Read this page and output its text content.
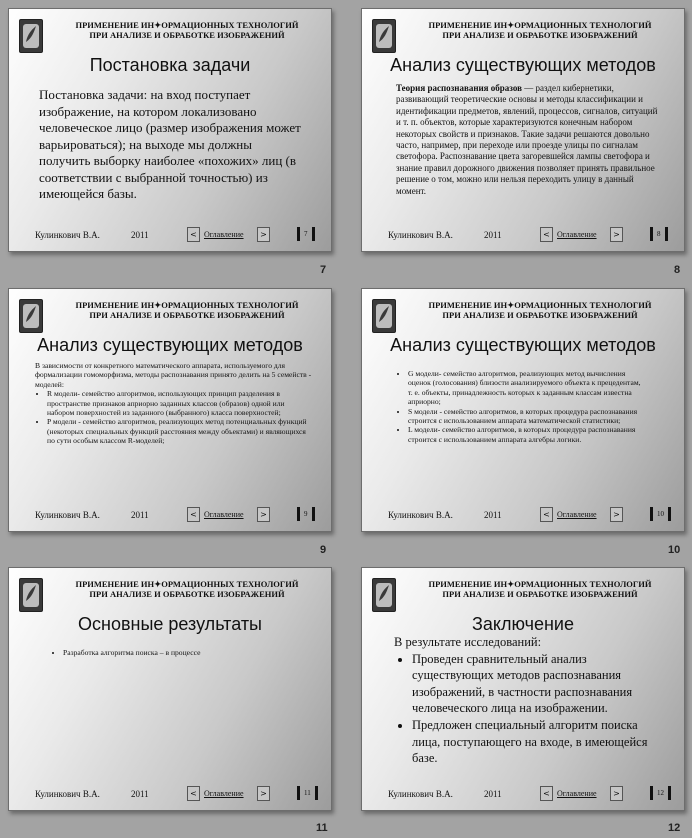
ПРИМЕНЕНИЕ ИН✦ОРМАЦИОННЫХ ТЕХНОЛОГИЙ
ПРИ АНАЛИЗЕ И ОБРАБОТКЕ ИЗОБРАЖЕНИЙ
Постановка задачи

Постановка задачи: на вход поступает изображение, на котором локализовано человеческое лицо (размер изображения может варьироваться); на выходе мы должны получить выборку наиболее «похожих» лиц (в соответствии с выбранной точностью) из имеющейся базы.

Кулинкович В.А.	2011	< Оглавление	>	7
7
ПРИМЕНЕНИЕ ИН✦ОРМАЦИОННЫХ ТЕХНОЛОГИЙ
ПРИ АНАЛИЗЕ И ОБРАБОТКЕ ИЗОБРАЖЕНИЙ
Анализ существующих методов

Теория распознавания образов — раздел кибернетики, развивающий теоретические основы и методы классификации и идентификации предметов, явлений, процессов, сигналов, ситуаций и т. п. объектов, которые характеризуются конечным набором некоторых свойств и признаков. Такие задачи решаются довольно часто, например, при переходе или проезде улицы по сигналам светофора. Распознавание цвета загоревшейся лампы светофора и знание правил дорожного движения позволяет принять правильное решение о том, можно или нельзя переходить улицу в данный момент.

Кулинкович В.А.	2011	< Оглавление	>	8
8
ПРИМЕНЕНИЕ ИН✦ОРМАЦИОННЫХ ТЕХНОЛОГИЙ
ПРИ АНАЛИЗЕ И ОБРАБОТКЕ ИЗОБРАЖЕНИЙ
Анализ существующих методов

В зависимости от конкретного математического аппарата, используемого для формализации гомоморфизма, методы распознавания принято делить на 5 семейств - моделей:

• R модели- семейство алгоритмов, использующих принцип разделения в пространстве признаков априорно заданных классов (образов) одной или набором поверхностей из заданного (выбранного) класса поверхностей;
• P модели - семейство алгоритмов, реализующих метод потенциальных функций (некоторых специальных функций расстояния между объектами) и являющихся по сути особым классом R-моделей;
Кулинкович В.А.	2011	< Оглавление	>	9
9
ПРИМЕНЕНИЕ ИН✦ОРМАЦИОННЫХ ТЕХНОЛОГИЙ
ПРИ АНАЛИЗЕ И ОБРАБОТКЕ ИЗОБРАЖЕНИЙ
Анализ существующих методов
• G модели- семейство алгоритмов, реализующих метод вычисления оценок (голосования) близости анализируемого объекта к прецедентам, т. е. объекты, принадлежность которых к заданным классам известна априорно;
• S модели - семейство алгоритмов, в которых процедура распознавания строится с использованием аппарата математической статистики;
• L модели- семейство алгоритмов, в которых процедура распознавания строится с использованием аппарата алгебры логики.
Кулинкович В.А.	2011	< Оглавление	>	10
10
ПРИМЕНЕНИЕ ИН✦ОРМАЦИОННЫХ ТЕХНОЛОГИЙ
ПРИ АНАЛИЗЕ И ОБРАБОТКЕ ИЗОБРАЖЕНИЙ
Основные результаты
• Разработка алгоритма поиска – в процессе
Кулинкович В.А.	2011	< Оглавление	>	11
11
ПРИМЕНЕНИЕ ИН✦ОРМАЦИОННЫХ ТЕХНОЛОГИЙ
ПРИ АНАЛИЗЕ И ОБРАБОТКЕ ИЗОБРАЖЕНИЙ
Заключение

В результате исследований:

• Проведен сравнительный анализ существующих методов распознавания изображений, в частности распознавания человеческого лица на изображении.
• Предложен специальный алгоритм поиска лица, поступающего на входе, в имеющейся базе.
Кулинкович В.А.	2011	< Оглавление	>	12
12
